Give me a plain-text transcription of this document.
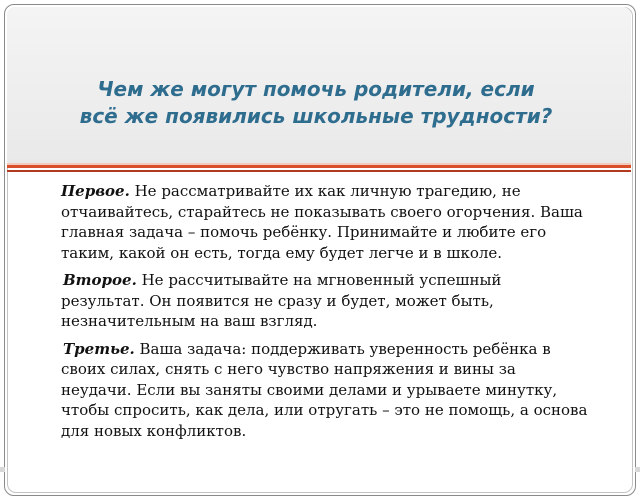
Чем же могут помочь родители, если
всё же появились школьные трудности?

Первое. Не рассматривайте их как личную трагедию, не отчаивайтесь, старайтесь не показывать своего огорчения. Ваша главная задача – помочь ребёнку. Принимайте и любите его таким, какой он есть, тогда ему будет легче и в школе.

Второе. Не рассчитывайте на мгновенный успешный результат. Он появится не сразу и будет, может быть, незначительным на ваш взгляд.

Третье. Ваша задача: поддерживать уверенность ребёнка в своих силах, снять с него чувство напряжения и вины за неудачи. Если вы заняты своими делами и урываете минутку, чтобы спросить, как дела, или отругать – это не помощь, а основа для новых конфликтов.
